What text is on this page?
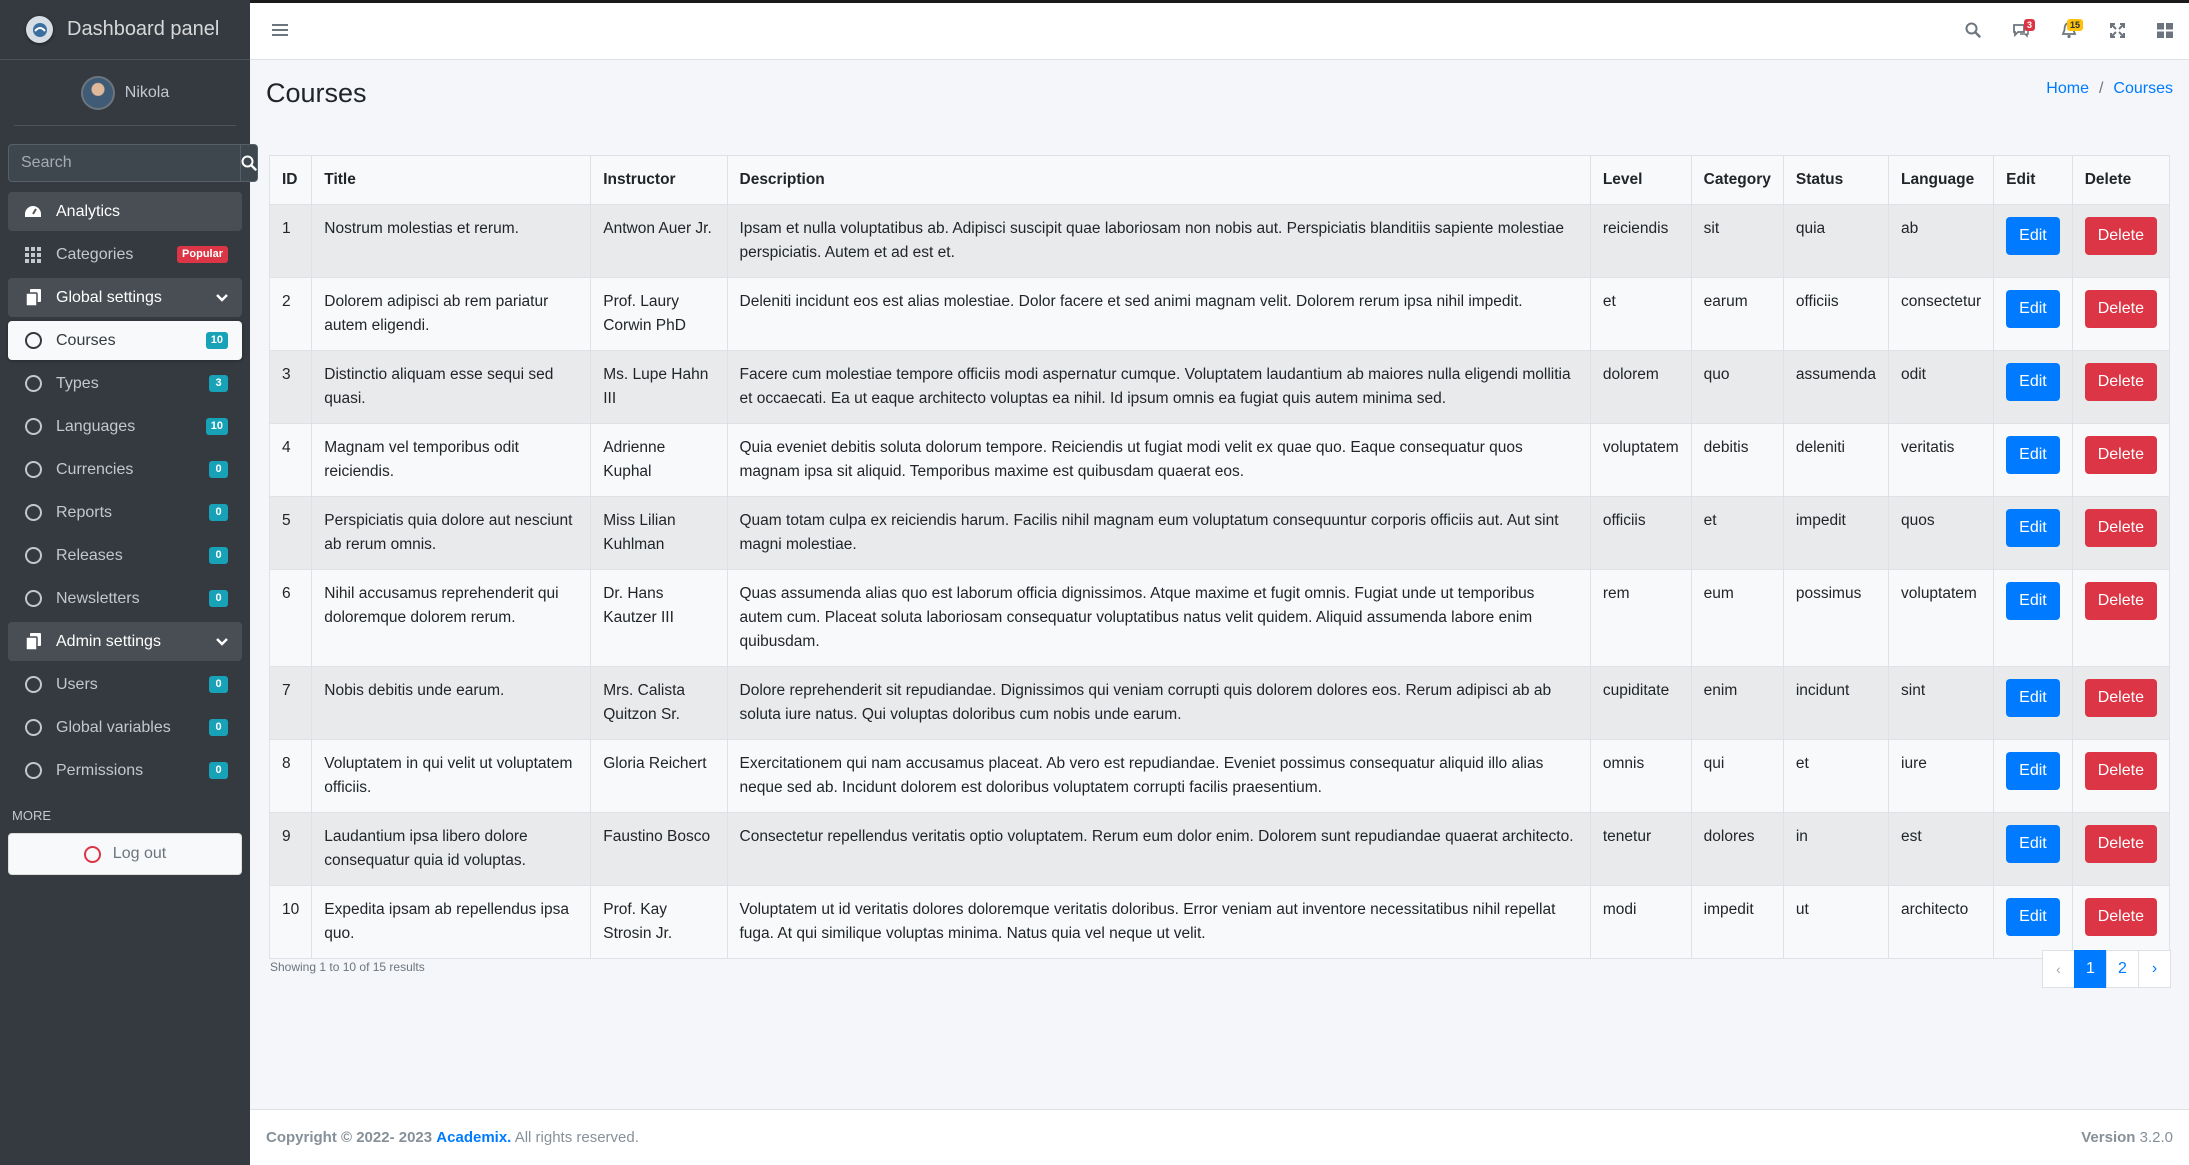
Dashboard panel
Nikola
Search
Analytics
Categories	Popular
Global settings
Courses	10
Types	3
Languages	10
Currencies	0
Reports	0
Releases	0
Newsletters	0
Admin settings
Users	0
Global variables	0
Permissions	0
MORE
Log out
3	15
Courses	Home / Courses
ID	Title	Instructor	Description	Level	Category	Status	Language	Edit	Delete
1	Nostrum molestias et rerum.	Antwon Auer Jr.	Ipsam et nulla voluptatibus ab. Adipisci suscipit quae laboriosam non nobis aut. Perspiciatis blanditiis sapiente molestiae perspiciatis. Autem et ad est et.	reiciendis	sit	quia	ab	Edit	Delete
2	Dolorem adipisci ab rem pariatur autem eligendi.	Prof. Laury Corwin PhD	Deleniti incidunt eos est alias molestiae. Dolor facere et sed animi magnam velit. Dolorem rerum ipsa nihil impedit.	et	earum	officiis	consectetur	Edit	Delete
3	Distinctio aliquam esse sequi sed quasi.	Ms. Lupe Hahn III	Facere cum molestiae tempore officiis modi aspernatur cumque. Voluptatem laudantium ab maiores nulla eligendi mollitia et occaecati. Ea ut eaque architecto voluptas ea nihil. Id ipsum omnis ea fugiat quis autem minima sed.	dolorem	quo	assumenda	odit	Edit	Delete
4	Magnam vel temporibus odit reiciendis.	Adrienne Kuphal	Quia eveniet debitis soluta dolorum tempore. Reiciendis ut fugiat modi velit ex quae quo. Eaque consequatur quos magnam ipsa sit aliquid. Temporibus maxime est quibusdam quaerat eos.	voluptatem	debitis	deleniti	veritatis	Edit	Delete
5	Perspiciatis quia dolore aut nesciunt ab rerum omnis.	Miss Lilian Kuhlman	Quam totam culpa ex reiciendis harum. Facilis nihil magnam eum voluptatum consequuntur corporis officiis aut. Aut sint magni molestiae.	officiis	et	impedit	quos	Edit	Delete
6	Nihil accusamus reprehenderit qui doloremque dolorem rerum.	Dr. Hans Kautzer III	Quas assumenda alias quo est laborum officia dignissimos. Atque maxime et fugit omnis. Fugiat unde ut temporibus autem cum. Placeat soluta laboriosam consequatur voluptatibus natus velit quidem. Aliquid assumenda labore enim quibusdam.	rem	eum	possimus	voluptatem	Edit	Delete
7	Nobis debitis unde earum.	Mrs. Calista Quitzon Sr.	Dolore reprehenderit sit repudiandae. Dignissimos qui veniam corrupti quis dolorem dolores eos. Rerum adipisci ab ab soluta iure natus. Qui voluptas doloribus cum nobis unde earum.	cupiditate	enim	incidunt	sint	Edit	Delete
8	Voluptatem in qui velit ut voluptatem officiis.	Gloria Reichert	Exercitationem qui nam accusamus placeat. Ab vero est repudiandae. Eveniet possimus consequatur aliquid illo alias neque sed ab. Incidunt dolorem est doloribus voluptatem corrupti facilis praesentium.	omnis	qui	et	iure	Edit	Delete
9	Laudantium ipsa libero dolore consequatur quia id voluptas.	Faustino Bosco	Consectetur repellendus veritatis optio voluptatem. Rerum eum dolor enim. Dolorem sunt repudiandae quaerat architecto.	tenetur	dolores	in	est	Edit	Delete
10	Expedita ipsam ab repellendus ipsa quo.	Prof. Kay Strosin Jr.	Voluptatem ut id veritatis dolores doloremque veritatis doloribus. Error veniam aut inventore necessitatibus nihil repellat fuga. At qui similique voluptas minima. Natus quia vel neque ut velit.	modi	impedit	ut	architecto	Edit	Delete
Showing 1 to 10 of 15 results	‹	1	2	›
Copyright © 2022- 2023 Academix. All rights reserved.	Version 3.2.0
